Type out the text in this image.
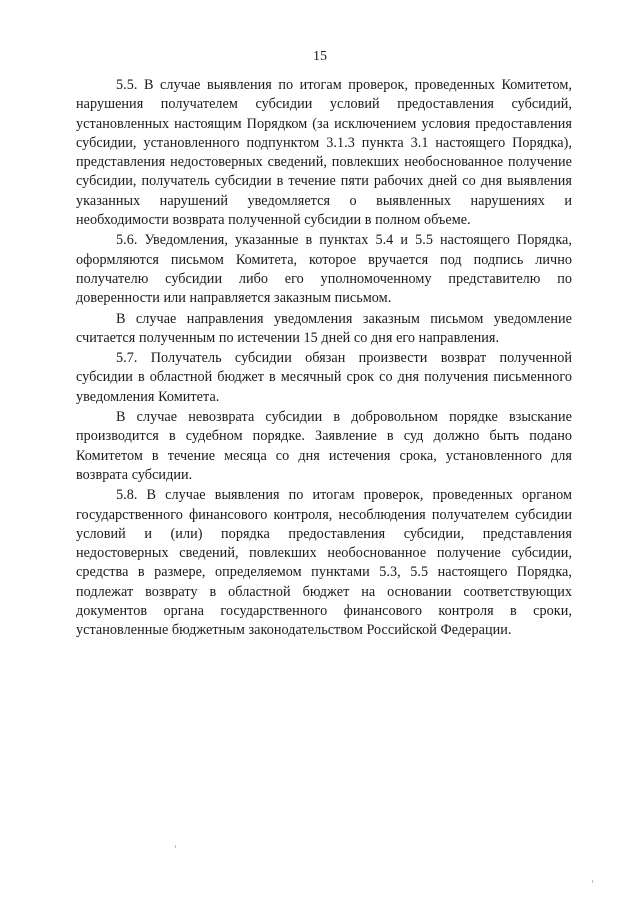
15

5.5. В случае выявления по итогам проверок, проведенных Комитетом, нарушения получателем субсидии условий предоставления субсидий, установленных настоящим Порядком (за исключением условия предоставления субсидии, установленного подпунктом 3.1.3 пункта 3.1 настоящего Порядка), представления недостоверных сведений, повлекших необоснованное получение субсидии, получатель субсидии в течение пяти рабочих дней со дня выявления указанных нарушений уведомляется о выявленных нарушениях и необходимости возврата полученной субсидии в полном объеме.

5.6. Уведомления, указанные в пунктах 5.4 и 5.5 настоящего Порядка, оформляются письмом Комитета, которое вручается под подпись лично получателю субсидии либо его уполномоченному представителю по доверенности или направляется заказным письмом.

В случае направления уведомления заказным письмом уведомление считается полученным по истечении 15 дней со дня его направления.

5.7. Получатель субсидии обязан произвести возврат полученной субсидии в областной бюджет в месячный срок со дня получения письменного уведомления Комитета.

В случае невозврата субсидии в добровольном порядке взыскание производится в судебном порядке. Заявление в суд должно быть подано Комитетом в течение месяца со дня истечения срока, установленного для возврата субсидии.

5.8. В случае выявления по итогам проверок, проведенных органом государственного финансового контроля, несоблюдения получателем субсидии условий и (или) порядка предоставления субсидии, представления недостоверных сведений, повлекших необоснованное получение субсидии, средства в размере, определяемом пунктами 5.3, 5.5 настоящего Порядка, подлежат возврату в областной бюджет на основании соответствующих документов органа государственного финансового контроля в сроки, установленные бюджетным законодательством Российской Федерации.
